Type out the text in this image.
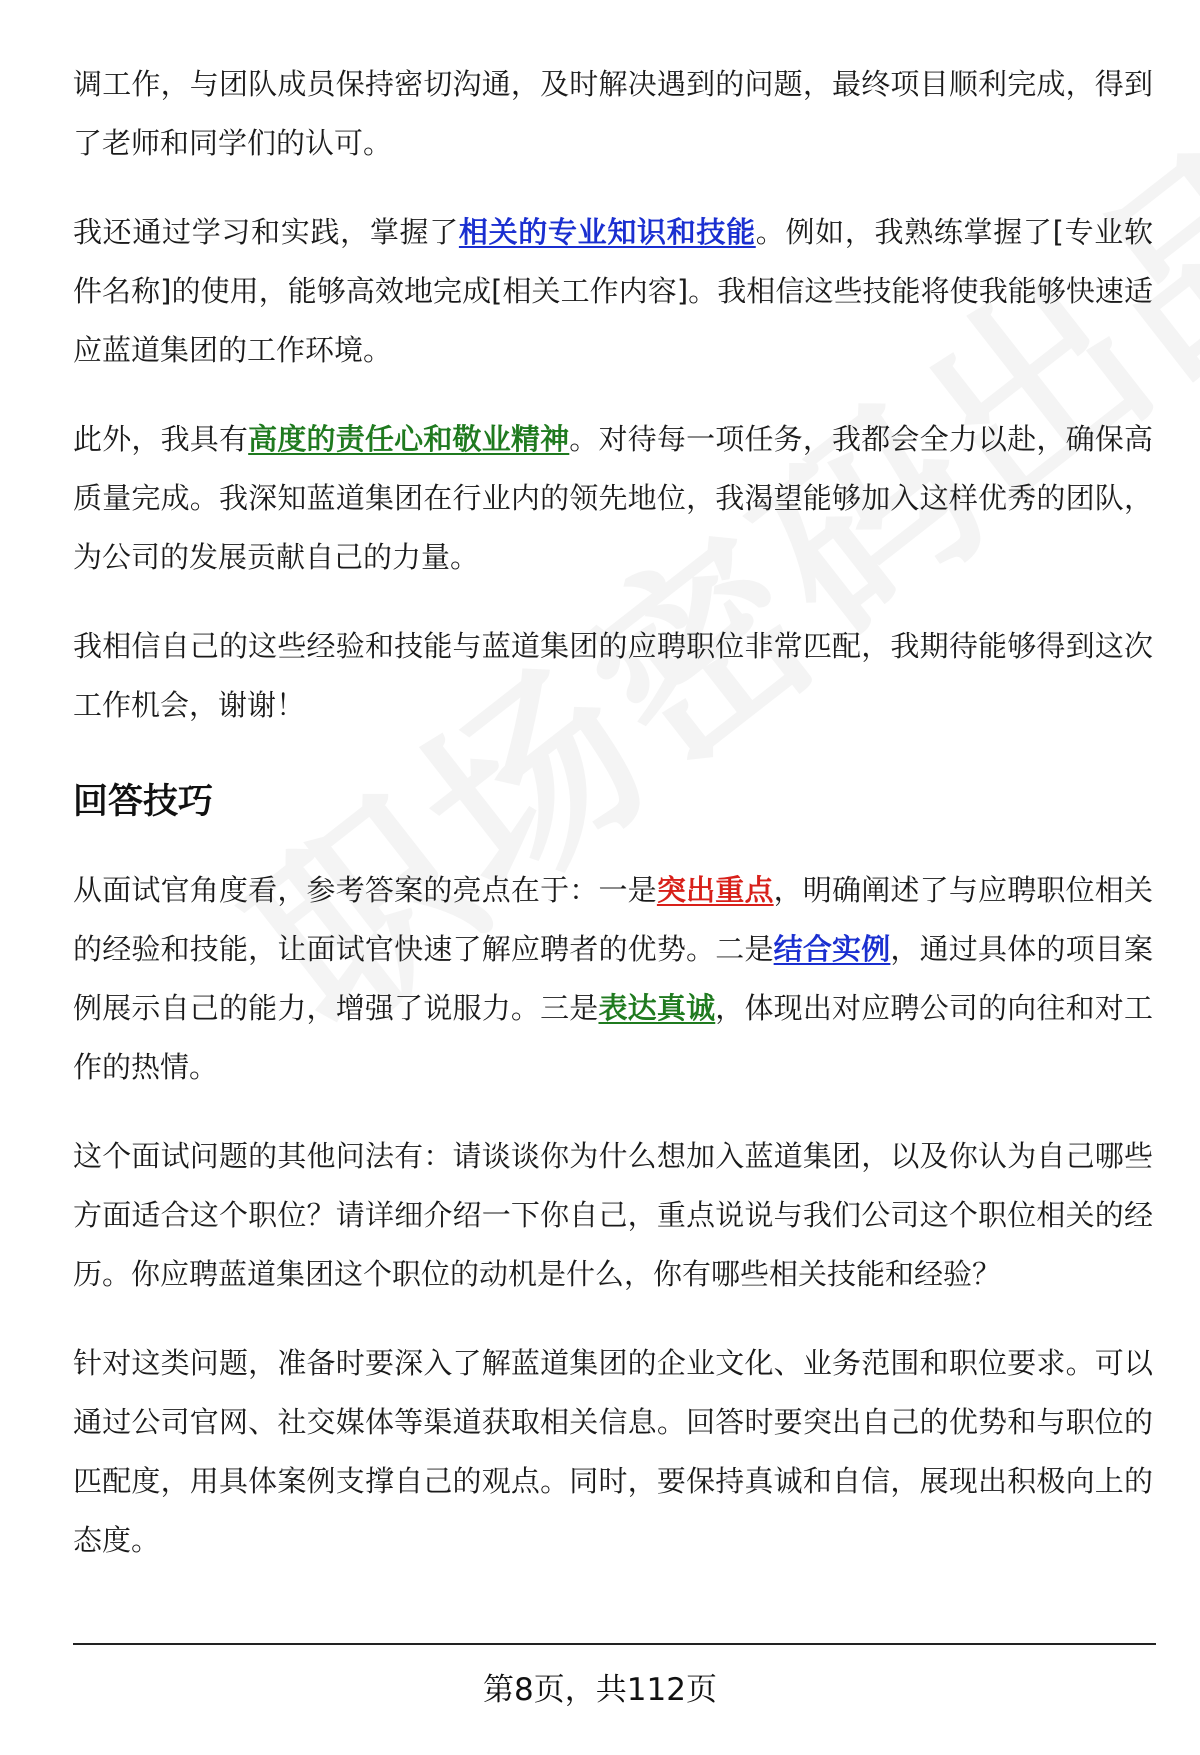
调工作，与团队成员保持密切沟通，及时解决遇到的问题，最终项目顺利完成，得到了老师和同学们的认可。

我还通过学习和实践，掌握了相关的专业知识和技能。例如，我熟练掌握了[专业软件名称]的使用，能够高效地完成[相关工作内容]。我相信这些技能将使我能够快速适应蓝道集团的工作环境。

此外，我具有高度的责任心和敬业精神。对待每一项任务，我都会全力以赴，确保高质量完成。我深知蓝道集团在行业内的领先地位，我渴望能够加入这样优秀的团队，为公司的发展贡献自己的力量。

我相信自己的这些经验和技能与蓝道集团的应聘职位非常匹配，我期待能够得到这次工作机会，谢谢！

回答技巧

从面试官角度看，参考答案的亮点在于：一是突出重点，明确阐述了与应聘职位相关的经验和技能，让面试官快速了解应聘者的优势。二是结合实例，通过具体的项目案例展示自己的能力，增强了说服力。三是表达真诚，体现出对应聘公司的向往和对工作的热情。

这个面试问题的其他问法有：请谈谈你为什么想加入蓝道集团，以及你认为自己哪些方面适合这个职位？请详细介绍一下你自己，重点说说与我们公司这个职位相关的经历。你应聘蓝道集团这个职位的动机是什么，你有哪些相关技能和经验？

针对这类问题，准备时要深入了解蓝道集团的企业文化、业务范围和职位要求。可以通过公司官网、社交媒体等渠道获取相关信息。回答时要突出自己的优势和与职位的匹配度，用具体案例支撑自己的观点。同时，要保持真诚和自信，展现出积极向上的态度。

第8页，共112页
